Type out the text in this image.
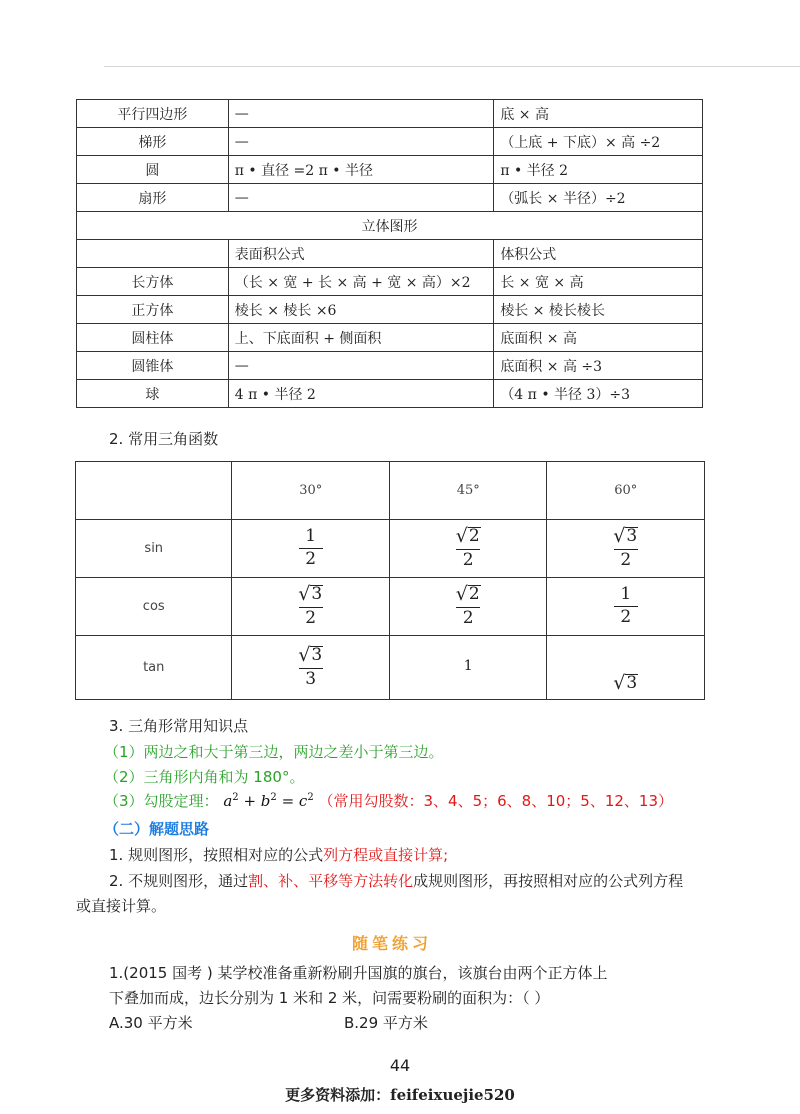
平行四边形	—	底 × 高
梯形	—	（上底 + 下底）× 高 ÷2
圆	π • 直径 =2 π • 半径	π • 半径 2
扇形	—	（弧长 × 半径）÷2
立体图形		
	表面积公式	体积公式
长方体	（长 × 宽 + 长 × 高 + 宽 × 高）×2	长 × 宽 × 高
正方体	棱长 × 棱长 ×6	棱长 × 棱长棱长
圆柱体	上、下底面积 + 侧面积	底面积 × 高
圆锥体	—	底面积 × 高 ÷3
球	4 π • 半径 2	（4 π • 半径 3）÷3
2. 常用三角函数
	30°	45°	60°
sin	$\frac{1}{2}$	$\frac{√ 2}{2}$	$\frac{√ 3}{2}$

cos	$\frac{√ 3}{2}$	$\frac{√ 2}{2}$	$\frac{1}{2}$

tan	$\frac{√ 3}{3}$	1	√ 3
3. 三角形常用知识点
（1）两边之和大于第三边，两边之差小于第三边。
（2）三角形内角和为 180°。
（3）勾股定理： $a^2 + b^2 = c^2$ （常用勾股数：3、4、5；6、8、10；5、12、13）
（二）解题思路
1. 规则图形，按照相对应的公式列方程或直接计算;
2. 不规则图形，通过割、补、平移等方法转化成规则图形，再按照相对应的公式列方程
或直接计算。
随笔练习
1.(2015 国考 ) 某学校准备重新粉刷升国旗的旗台，该旗台由两个正方体上
下叠加而成，边长分别为 1 米和 2 米，问需要粉刷的面积为：（ ）
A.30 平方米	B.29 平方米
44
更多资料添加：feifeixuejie520
